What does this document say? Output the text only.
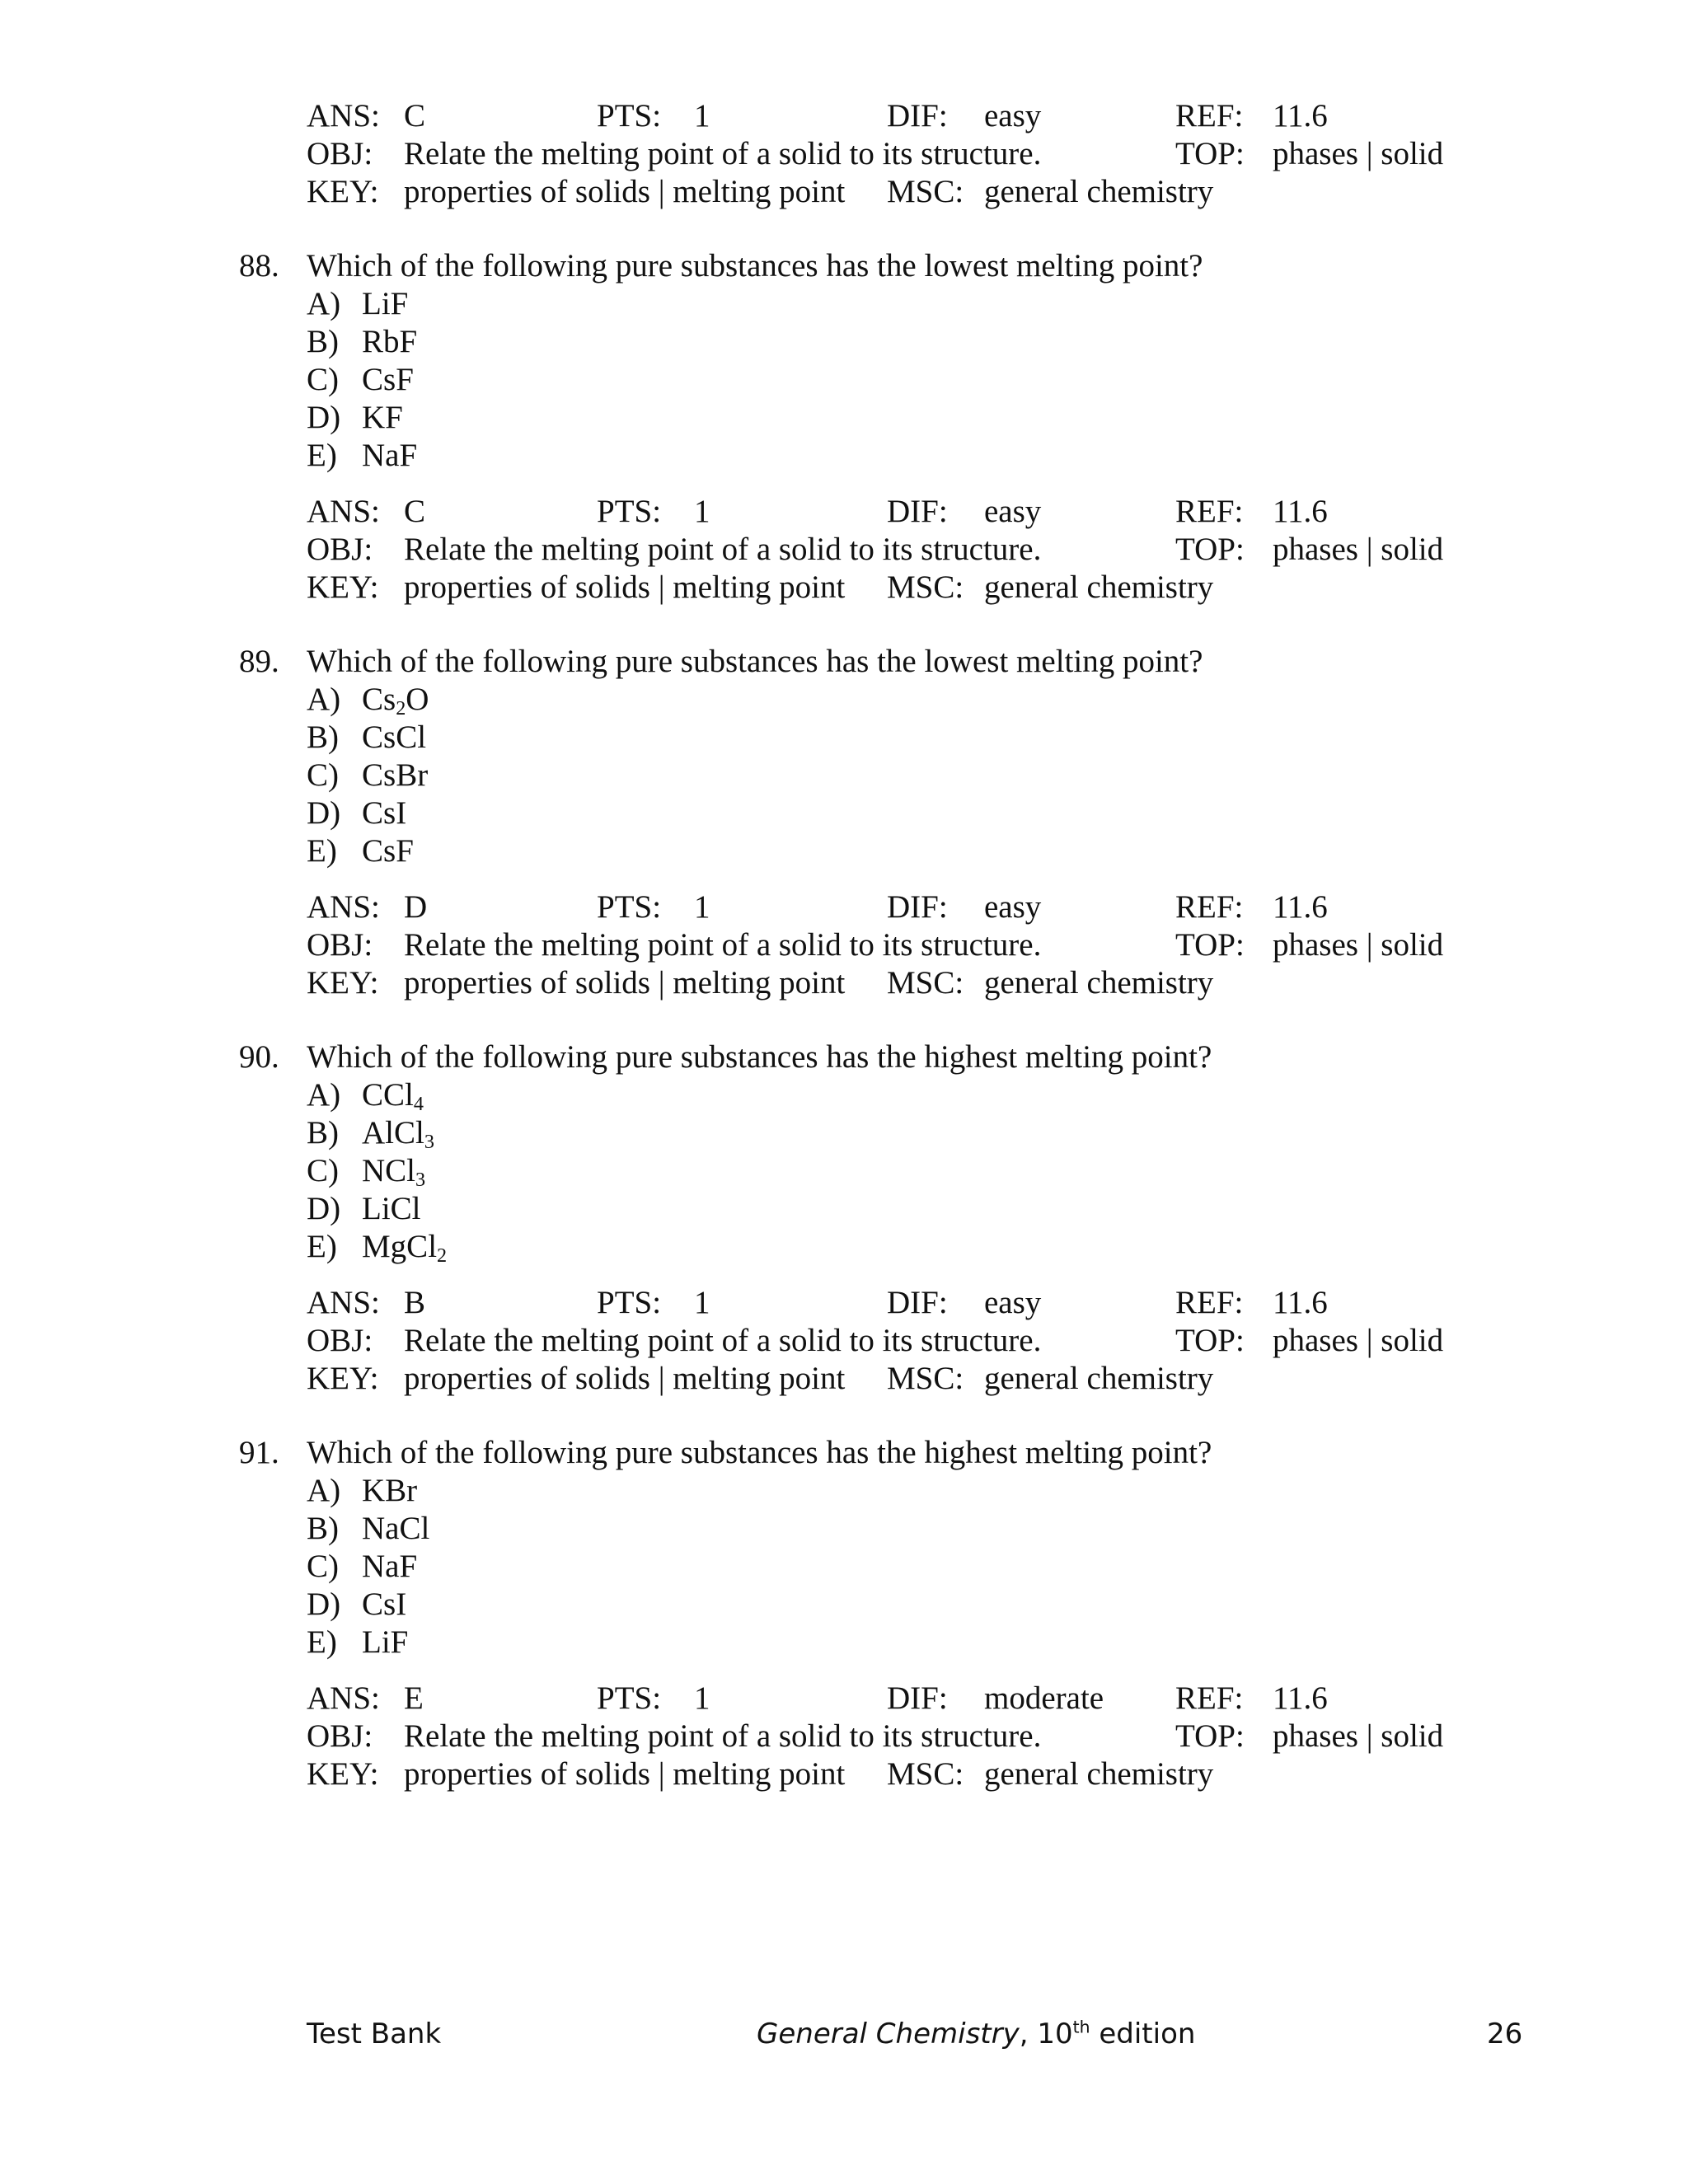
ANS: C	PTS: 1	DIF: easy	REF: 11.6
OBJ: Relate the melting point of a solid to its structure.	TOP: phases | solid
KEY: properties of solids | melting point MSC: general chemistry
ANS: C	PTS: 1	DIF: easy	REF: 11.6
OBJ: Relate the melting point of a solid to its structure.	TOP: phases | solid
KEY: properties of solids | melting point MSC: general chemistry
ANS: D	PTS: 1	DIF: easy	REF: 11.6
OBJ: Relate the melting point of a solid to its structure.	TOP: phases | solid
KEY: properties of solids | melting point MSC: general chemistry
ANS: B	PTS: 1	DIF: easy	REF: 11.6
OBJ: Relate the melting point of a solid to its structure.	TOP: phases | solid
KEY: properties of solids | melting point MSC: general chemistry
ANS: E	PTS: 1	DIF: moderate REF: 11.6
OBJ: Relate the melting point of a solid to its structure.	TOP: phases | solid
KEY: properties of solids | melting point MSC: general chemistry
88. Which of the following pure substances has the lowest melting point?
A) LiF
B) RbF
C) CsF
D) KF
E) NaF
89. Which of the following pure substances has the lowest melting point?
A) $Cs_2O$
B) CsCl
C) CsBr
D) CsI
E) CsF
90. Which of the following pure substances has the highest melting point?
A) CCl$_4$
B) AlCl$_3$
C) NCl$_3$
D) LiCl
E) MgCl$_2$
91. Which of the following pure substances has the highest melting point?
A) KBr
B) NaCl
C) NaF
D) CsI
E) LiF
Test Bank	General Chemistry, 10th edition	26
